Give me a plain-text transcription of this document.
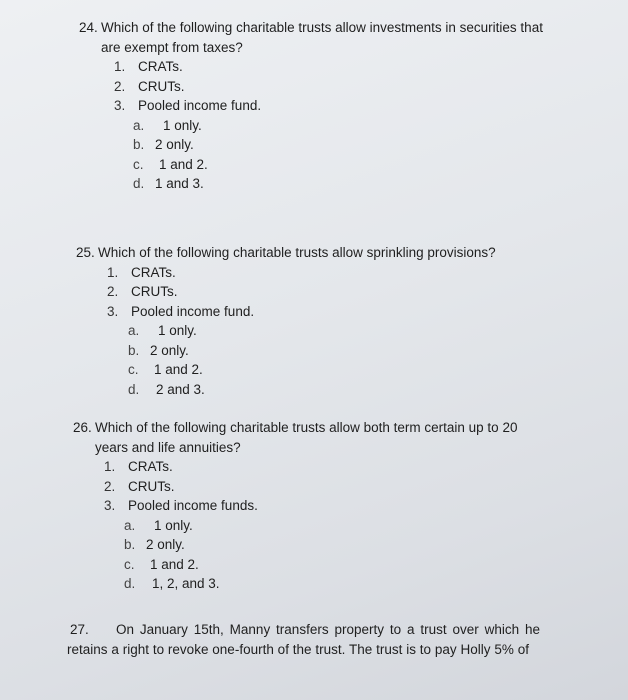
24. Which of the following charitable trusts allow investments in securities that

are exempt from taxes?

1. CRATs.
2. CRUTs.
3. Pooled income fund.
a.	1 only.
b. 2 only.
c.	1 and 2.
d. 1 and 3.

25. Which of the following charitable trusts allow sprinkling provisions?

1. CRATs.
2. CRUTs.
3. Pooled income fund.
a.	1 only.
b. 2 only.
c.	1 and 2.
d.	2 and 3.

26. Which of the following charitable trusts allow both term certain up to 20

years and life annuities?

1. CRATs.
2. CRUTs.
3. Pooled income funds.
a.	1 only.
b. 2 only.
c.	1 and 2.
d.	1, 2, and 3.
27.	On January 15th, Manny transfers property to a trust over which he
retains a right to revoke one-fourth of the trust. The trust is to pay Holly 5% of
